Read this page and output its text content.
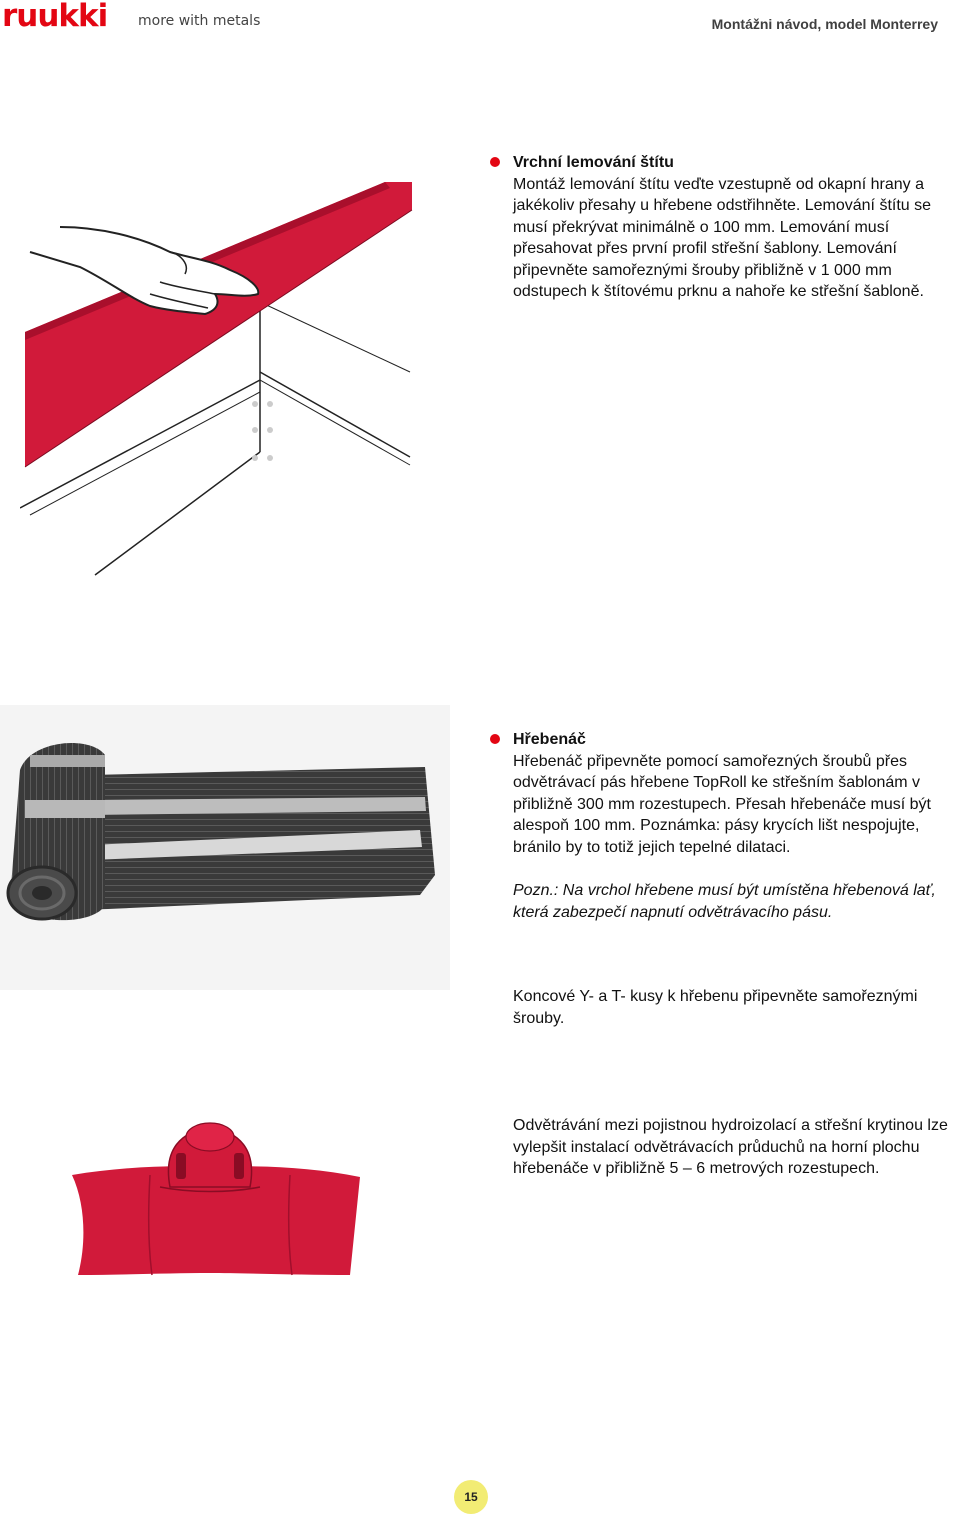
ruukki more with metals	Montážni návod, model Monterrey
Vrchní lemování štítu

Montáž lemování štítu veďte vzestupně od okapní hrany a jakékoliv přesahy u hřebene odstřihněte. Lemování štítu se musí překrývat minimálně o 100 mm. Lemování musí přesahovat přes první profil střešní šablony. Lemování připevněte samořeznými šrouby přibližně v 1 000 mm odstupech k štítovému prknu a nahoře ke střešní šabloně.

Hřebenáč

Hřebenáč připevněte pomocí samořezných šroubů přes odvětrávací pás hřebene TopRoll ke střešním šablonám v přibližně 300 mm rozestupech. Přesah hřebenáče musí být alespoň 100 mm. Poznámka: pásy krycích lišt nespojujte, bránilo by to totiž jejich tepelné dilataci.

Pozn.: Na vrchol hřebene musí být umístěna hřebenová lať, která zabezpečí napnutí odvětrávacího pásu.

Koncové Y- a T- kusy k hřebenu připevněte samořeznými šrouby.

Odvětrávání mezi pojistnou hydroizolací a střešní krytinou lze vylepšit instalací odvětrávacích průduchů na horní plochu hřebenáče v přibližně 5 – 6 metrových rozestupech.

15
